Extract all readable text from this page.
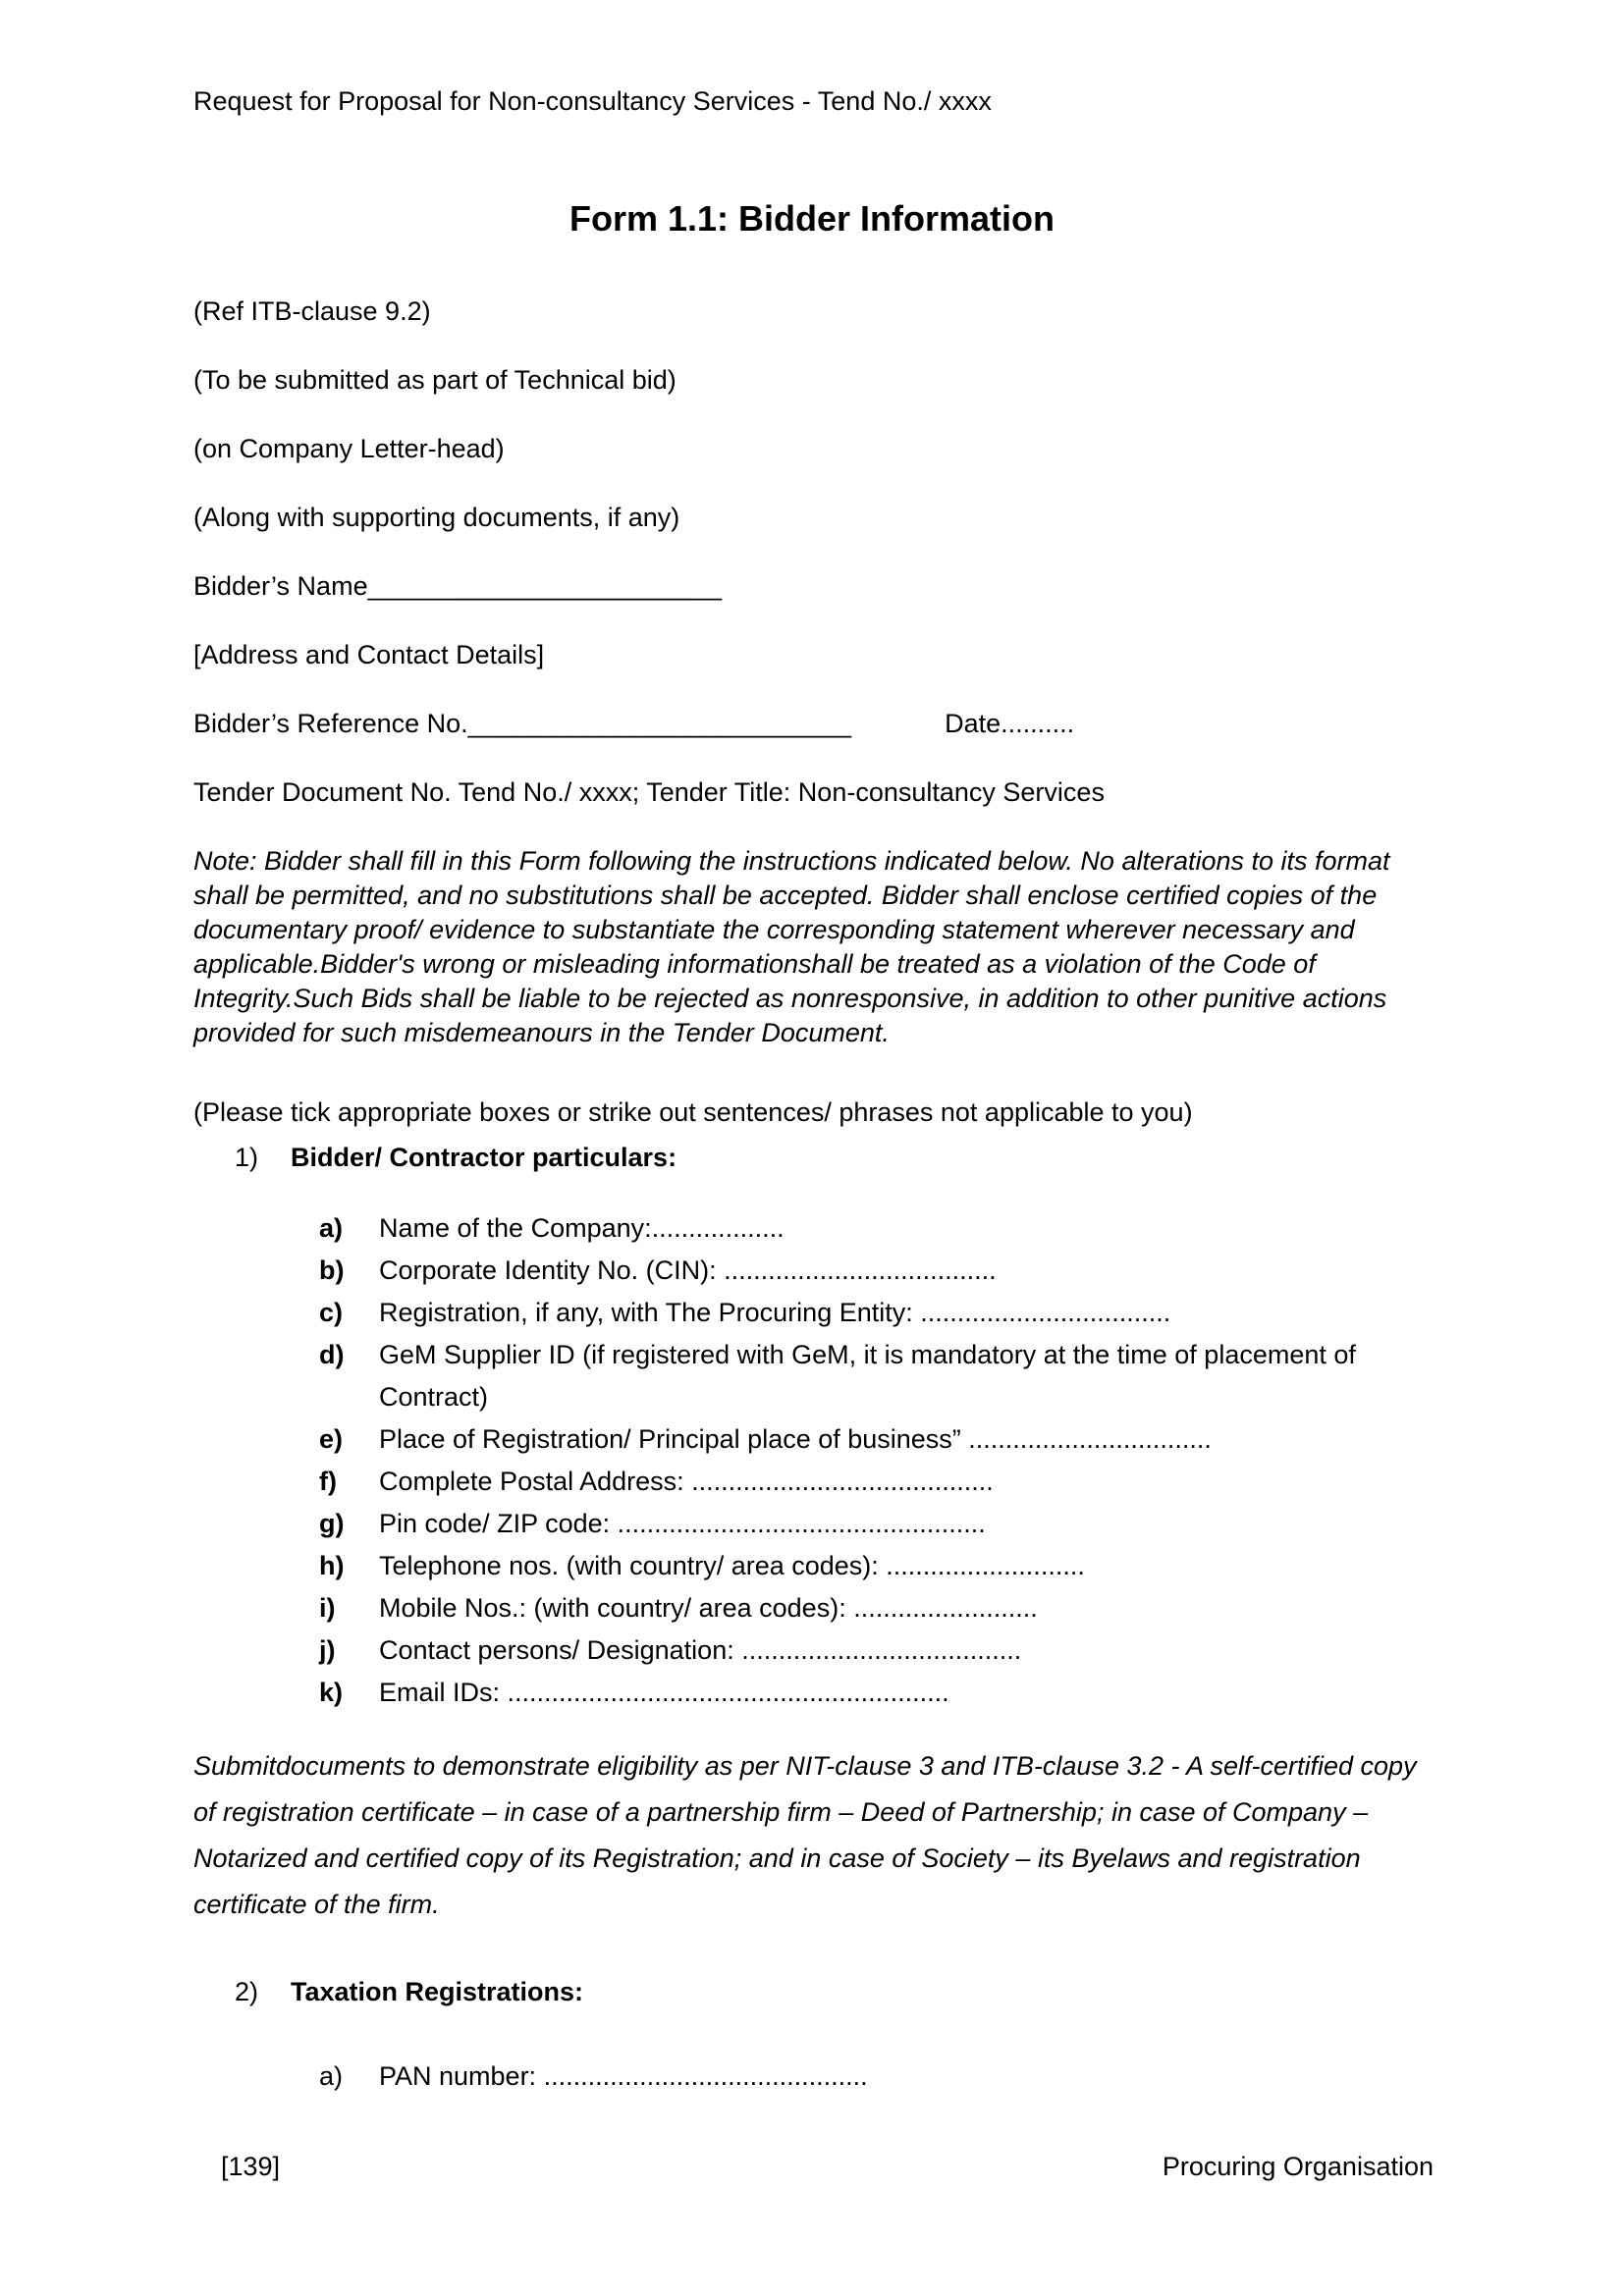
Request for Proposal for Non-consultancy Services - Tend No./ xxxx
Form 1.1: Bidder Information

(Ref ITB-clause 9.2)

(To be submitted as part of Technical bid)

(on Company Letter-head)

(Along with supporting documents, if any)

Bidder’s Name________________________

[Address and Contact Details]

Bidder’s Reference No.__________________________	Date..........

Tender Document No. Tend No./ xxxx; Tender Title: Non-consultancy Services

Note: Bidder shall fill in this Form following the instructions indicated below. No alterations to its format shall be permitted, and no substitutions shall be accepted. Bidder shall enclose certified copies of the documentary proof/ evidence to substantiate the corresponding statement wherever necessary and applicable.Bidder's wrong or misleading informationshall be treated as a violation of the Code of Integrity.Such Bids shall be liable to be rejected as nonresponsive, in addition to other punitive actions provided for such misdemeanours in the Tender Document.

(Please tick appropriate boxes or strike out sentences/ phrases not applicable to you)

1)	Bidder/ Contractor particulars:
a)	Name of the Company:..................
b)	Corporate Identity No. (CIN): .....................................
c)	Registration, if any, with The Procuring Entity: ..................................
d)	GeM Supplier ID (if registered with GeM, it is mandatory at the time of placement of Contract)
e)	Place of Registration/ Principal place of business” .................................
f)	Complete Postal Address: .........................................
g)	Pin code/ ZIP code: ..................................................
h)	Telephone nos. (with country/ area codes): ...........................
i)	Mobile Nos.: (with country/ area codes): .........................
j)	Contact persons/ Designation: ......................................
k)	Email IDs: ............................................................

Submitdocuments to demonstrate eligibility as per NIT-clause 3 and ITB-clause 3.2 - A self-certified copy of registration certificate – in case of a partnership firm – Deed of Partnership; in case of Company – Notarized and certified copy of its Registration; and in case of Society – its Byelaws and registration certificate of the firm.

2)	Taxation Registrations:
a)	PAN number: ............................................
[139]	Procuring Organisation
